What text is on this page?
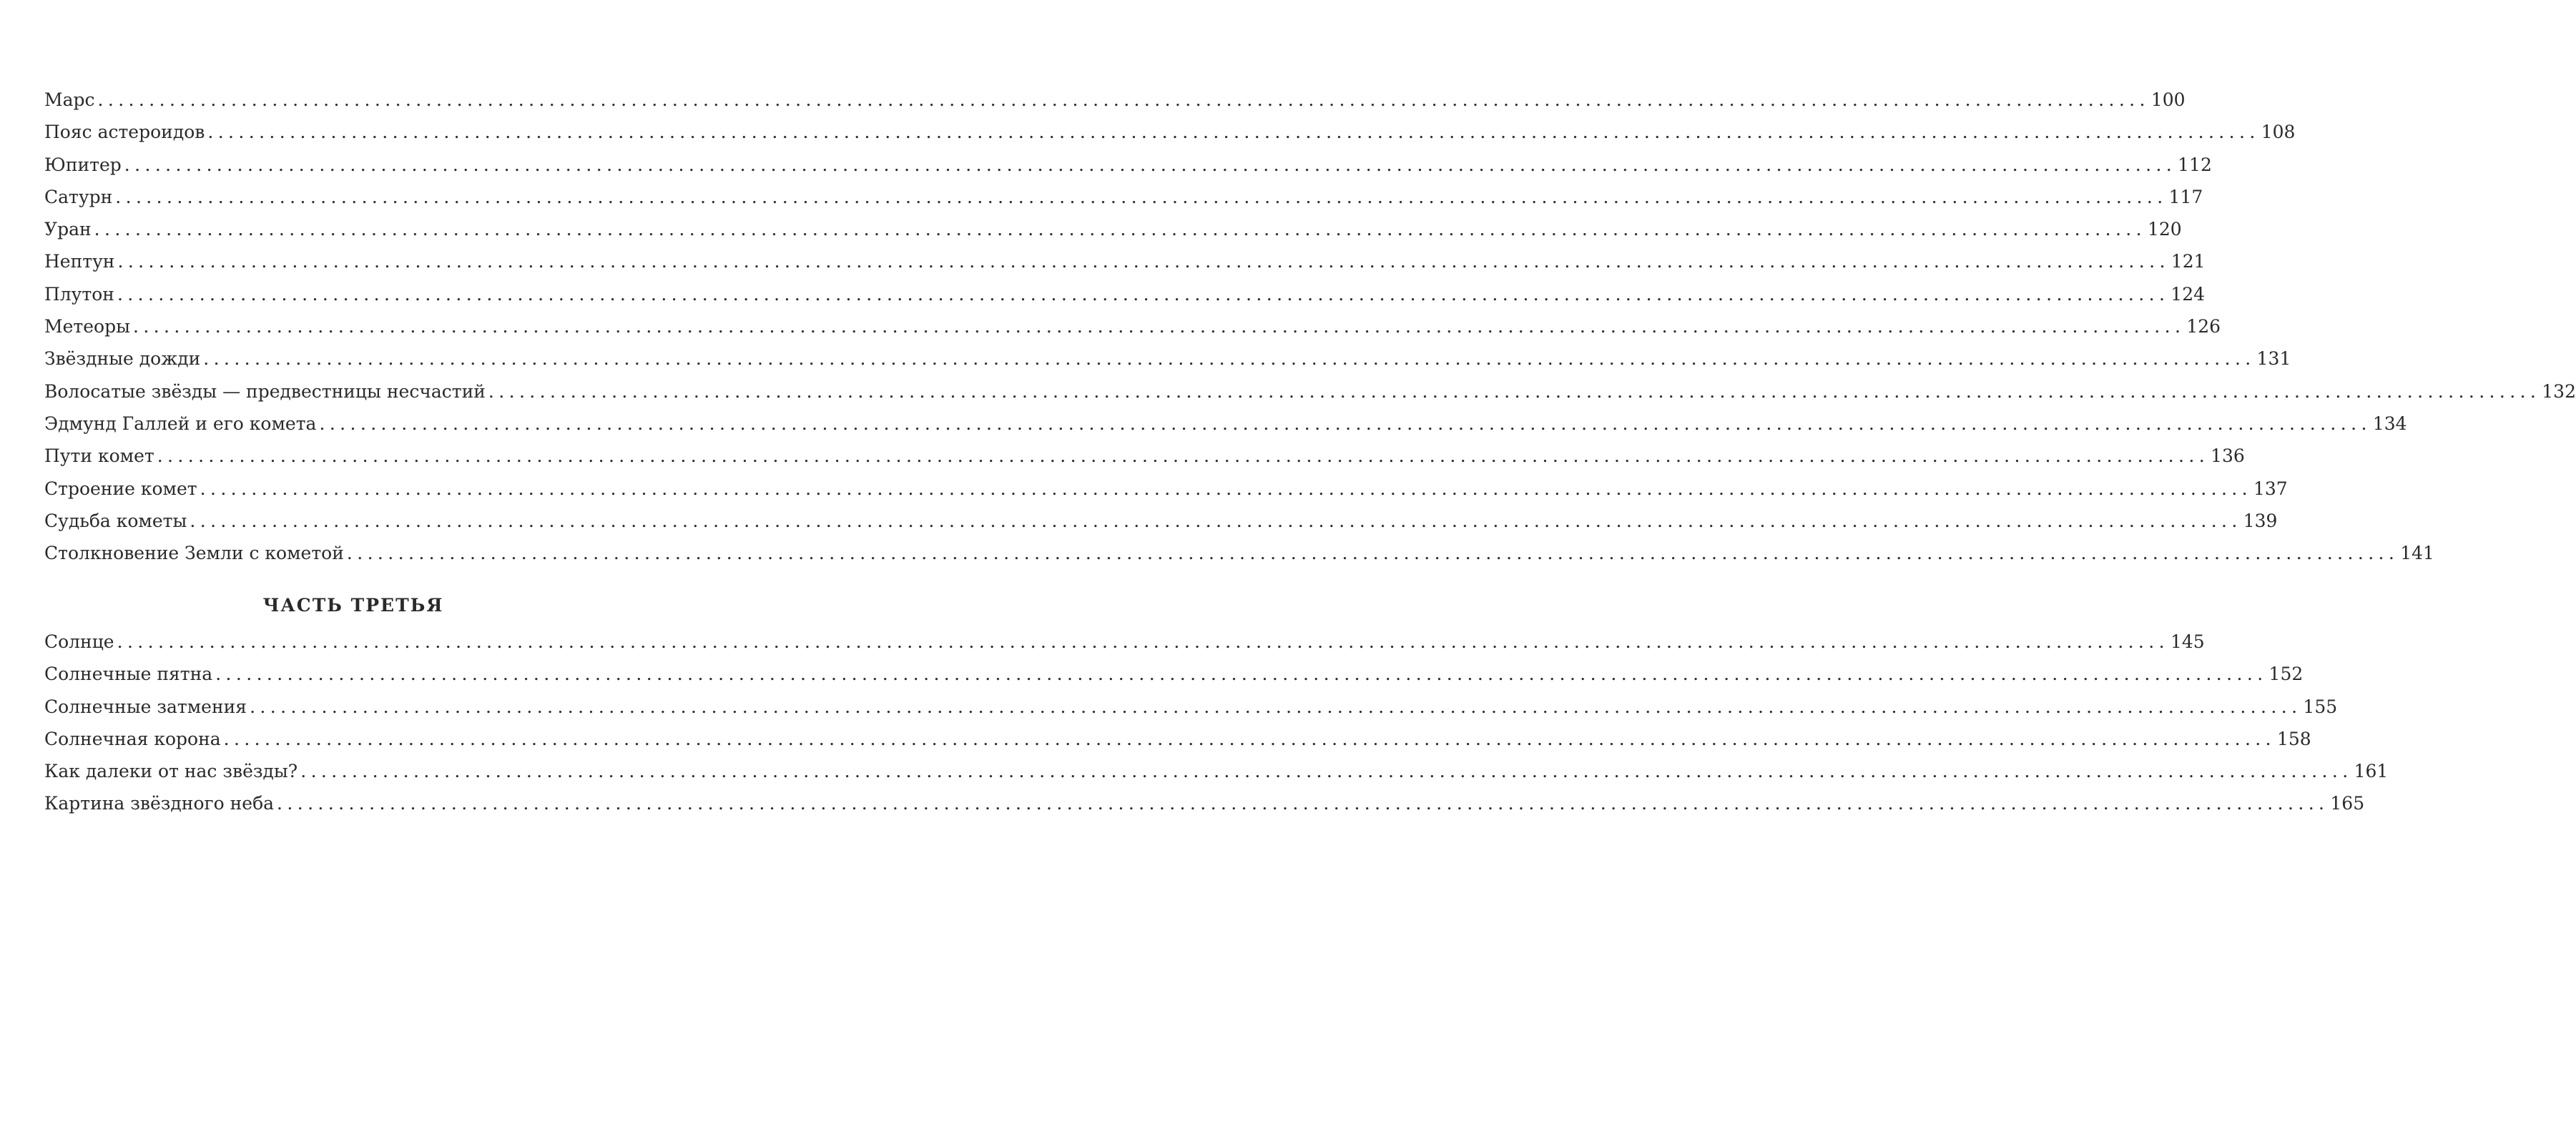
Марс ........................................................................................................................................................................................................ 100
Пояс астероидов ........................................................................................................................................................................................................ 108
Юпитер ........................................................................................................................................................................................................ 112
Сатурн ........................................................................................................................................................................................................ 117
Уран ........................................................................................................................................................................................................ 120
Нептун ........................................................................................................................................................................................................ 121
Плутон ........................................................................................................................................................................................................ 124
Метеоры ........................................................................................................................................................................................................ 126
Звёздные дожди ........................................................................................................................................................................................................ 131
Волосатые звёзды — предвестницы несчастий ........................................................................................................................................................................................................ 132
Эдмунд Галлей и его комета ........................................................................................................................................................................................................ 134
Пути комет ........................................................................................................................................................................................................ 136
Строение комет ........................................................................................................................................................................................................ 137
Судьба кометы ........................................................................................................................................................................................................ 139
Столкновение Земли с кометой ........................................................................................................................................................................................................ 141
ЧАСТЬ ТРЕТЬЯ
Солнце ........................................................................................................................................................................................................ 145
Солнечные пятна ........................................................................................................................................................................................................ 152
Солнечные затмения ........................................................................................................................................................................................................ 155
Солнечная корона ........................................................................................................................................................................................................ 158
Как далеки от нас звёзды? ........................................................................................................................................................................................................ 161
Картина звёздного неба ........................................................................................................................................................................................................ 165
